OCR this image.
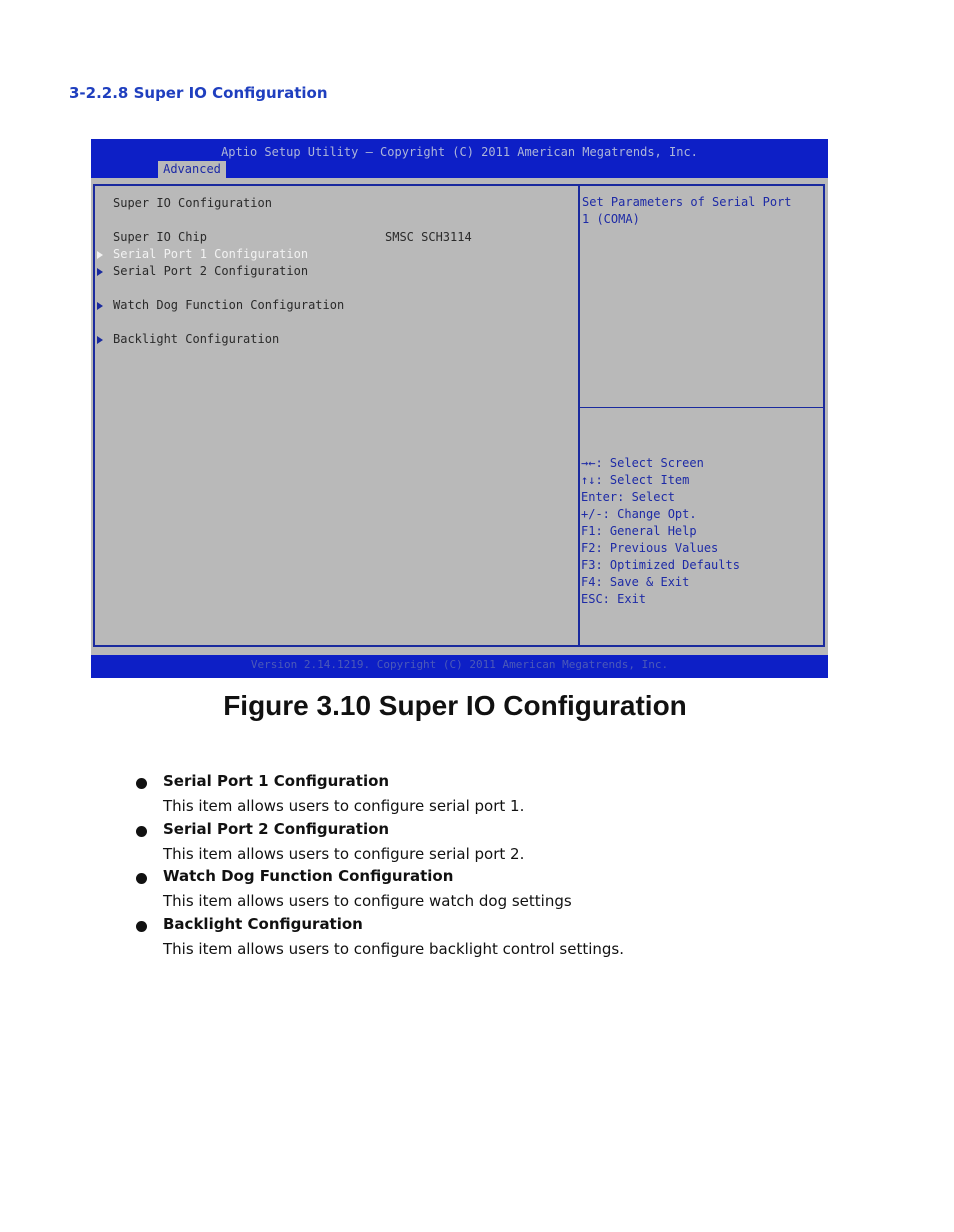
3-2.2.8 Super IO Configuration
Aptio Setup Utility – Copyright (C) 2011 American Megatrends, Inc.
Advanced
Super IO Configuration
Super IO Chip	SMSC SCH3114
Serial Port 1 Configuration
Serial Port 2 Configuration
Watch Dog Function Configuration
Backlight Configuration
Set Parameters of Serial Port
1 (COMA)
→←: Select Screen
↑↓: Select Item
Enter: Select
+/-: Change Opt.
F1: General Help
F2: Previous Values
F3: Optimized Defaults
F4: Save & Exit
ESC: Exit
Version 2.14.1219. Copyright (C) 2011 American Megatrends, Inc.
Figure 3.10 Super IO Configuration
Serial Port 1 Configuration
This item allows users to configure serial port 1.
Serial Port 2 Configuration
This item allows users to configure serial port 2.
Watch Dog Function Configuration
This item allows users to configure watch dog settings
Backlight Configuration
This item allows users to configure backlight control settings.
